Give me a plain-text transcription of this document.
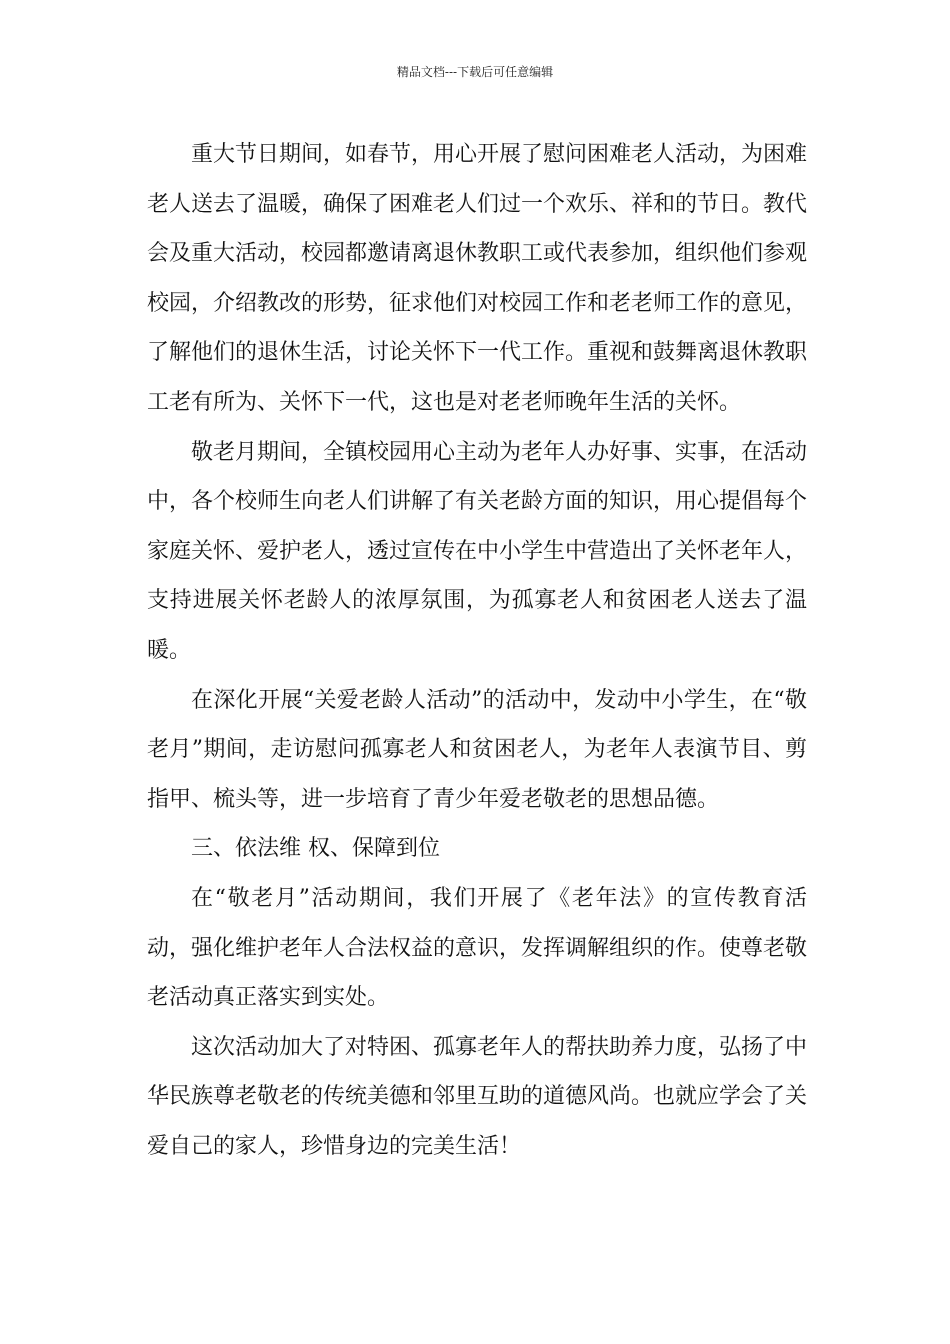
精品文档---下载后可任意编辑

重大节日期间，如春节，用心开展了慰问困难老人活动，为困难老人送去了温暖，确保了困难老人们过一个欢乐、祥和的节日。教代会及重大活动，校园都邀请离退休教职工或代表参加，组织他们参观校园，介绍教改的形势，征求他们对校园工作和老老师工作的意见，了解他们的退休生活，讨论关怀下一代工作。重视和鼓舞离退休教职工老有所为、关怀下一代，这也是对老老师晚年生活的关怀。

敬老月期间，全镇校园用心主动为老年人办好事、实事，在活动中，各个校师生向老人们讲解了有关老龄方面的知识，用心提倡每个家庭关怀、爱护老人，透过宣传在中小学生中营造出了关怀老年人，支持进展关怀老龄人的浓厚氛围，为孤寡老人和贫困老人送去了温暖。

在深化开展“关爱老龄人活动”的活动中，发动中小学生，在“敬老月”期间，走访慰问孤寡老人和贫困老人，为老年人表演节目、剪指甲、梳头等，进一步培育了青少年爱老敬老的思想品德。

三、依法维 权、保障到位

在“敬老月”活动期间，我们开展了《老年法》的宣传教育活动，强化维护老年人合法权益的意识，发挥调解组织的作。使尊老敬老活动真正落实到实处。

这次活动加大了对特困、孤寡老年人的帮扶助养力度，弘扬了中华民族尊老敬老的传统美德和邻里互助的道德风尚。也就应学会了关爱自己的家人，珍惜身边的完美生活！
